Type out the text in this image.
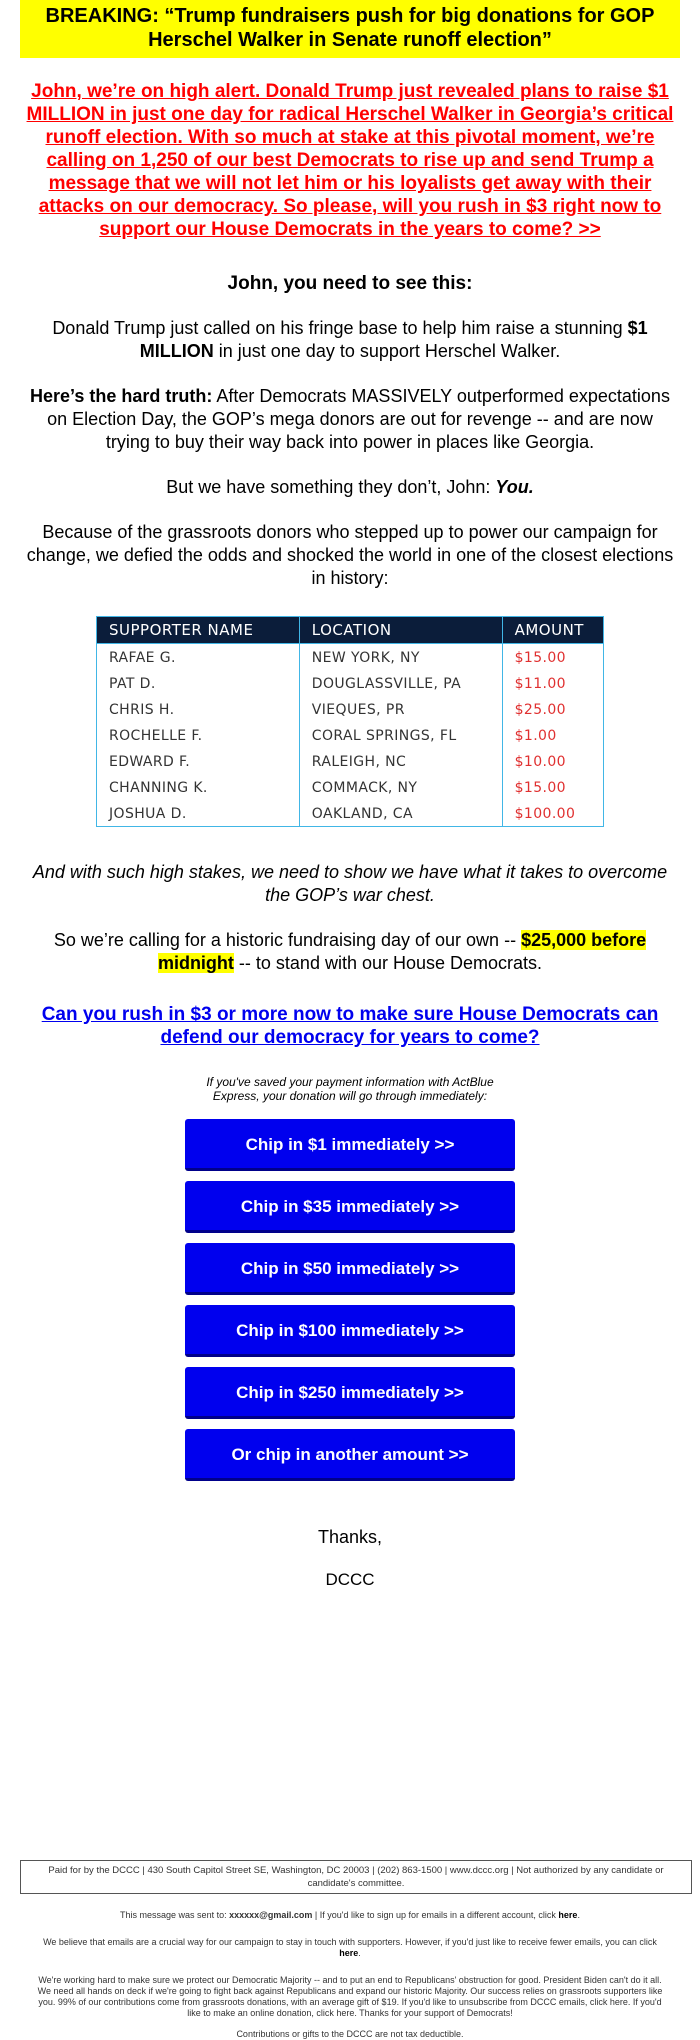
BREAKING: “Trump fundraisers push for big donations for GOP Herschel Walker in Senate runoff election”
John, we’re on high alert. Donald Trump just revealed plans to raise $1 MILLION in just one day for radical Herschel Walker in Georgia’s critical runoff election. With so much at stake at this pivotal moment, we’re calling on 1,250 of our best Democrats to rise up and send Trump a message that we will not let him or his loyalists get away with their attacks on our democracy. So please, will you rush in $3 right now to support our House Democrats in the years to come? >>
John, you need to see this:

Donald Trump just called on his fringe base to help him raise a stunning $1 MILLION in just one day to support Herschel Walker.

Here’s the hard truth: After Democrats MASSIVELY outperformed expectations on Election Day, the GOP’s mega donors are out for revenge -- and are now trying to buy their way back into power in places like Georgia.

But we have something they don’t, John: You.

Because of the grassroots donors who stepped up to power our campaign for change, we defied the odds and shocked the world in one of the closest elections in history:

SUPPORTER NAME	LOCATION	AMOUNT
RAFAE G.	NEW YORK, NY	$15.00
PAT D.	DOUGLASSVILLE, PA	$11.00
CHRIS H.	VIEQUES, PR	$25.00
ROCHELLE F.	CORAL SPRINGS, FL	$1.00
EDWARD F.	RALEIGH, NC	$10.00
CHANNING K.	COMMACK, NY	$15.00
JOSHUA D.	OAKLAND, CA	$100.00

And with such high stakes, we need to show we have what it takes to overcome the GOP’s war chest.

So we’re calling for a historic fundraising day of our own -- $25,000 before midnight -- to stand with our House Democrats.

Can you rush in $3 or more now to make sure House Democrats can defend our democracy for years to come?
If you've saved your payment information with ActBlue Express, your donation will go through immediately:
Chip in $1 immediately >>
Chip in $35 immediately >>
Chip in $50 immediately >>
Chip in $100 immediately >>
Chip in $250 immediately >>
Or chip in another amount >>
Thanks,
DCCC
Paid for by the DCCC | 430 South Capitol Street SE, Washington, DC 20003 | (202) 863-1500 | www.dccc.org | Not authorized by any candidate or candidate's committee.
This message was sent to: xxxxxx@gmail.com | If you'd like to sign up for emails in a different account, click here.
We believe that emails are a crucial way for our campaign to stay in touch with supporters. However, if you'd just like to receive fewer emails, you can click here.
We're working hard to make sure we protect our Democratic Majority -- and to put an end to Republicans' obstruction for good. President Biden can't do it all. We need all hands on deck if we're going to fight back against Republicans and expand our historic Majority. Our success relies on grassroots supporters like you. 99% of our contributions come from grassroots donations, with an average gift of $19. If you'd like to unsubscribe from DCCC emails, click here. If you'd like to make an online donation, click here. Thanks for your support of Democrats!
Contributions or gifts to the DCCC are not tax deductible.
